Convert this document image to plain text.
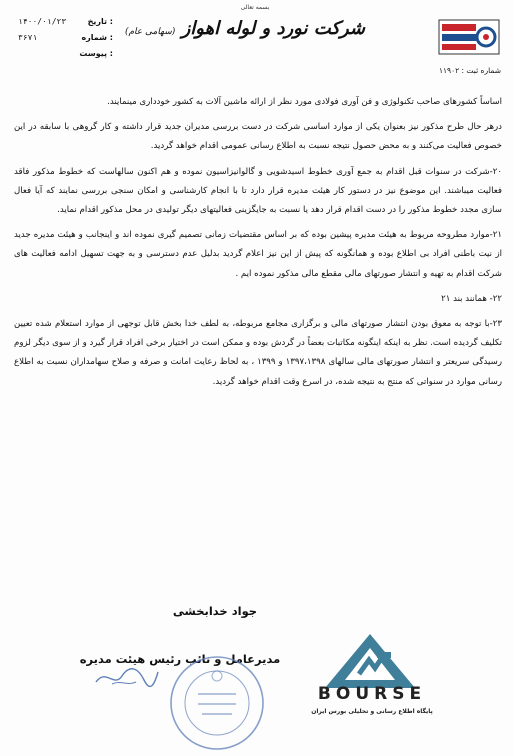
بسمه تعالی
تاریخ :
۱۴۰۰/۰۱/۲۳
شماره :
۳۶۷۱
پیوست :
شرکت نورد و لوله اهواز (سهامی عام)
شماره ثبت : ۱۱۹۰۲

اساساً کشورهای صاحب تکنولوژی و فن آوری فولادی مورد نظر از ارائه ماشین آلات به کشور خودداری مینمایند.

درهر حال طرح مذکور نیز بعنوان یکی از موارد اساسی شرکت در دست بررسی مدیران جدید قرار داشته و کار گروهی با سابقه در این خصوص فعالیت می‌کنند و به محض حصول نتیجه نسبت به اطلاع رسانی عمومی اقدام خواهد گردید.

۲۰-شرکت در سنوات قبل اقدام به جمع آوری خطوط اسیدشویی و گالوانیزاسیون نموده و هم اکنون سالهاست که خطوط مذکور فاقد فعالیت میباشند. این موضوع نیز در دستور کار هیئت مدیره قرار دارد تا با انجام کارشناسی و امکان سنجی بررسی نمایند که آیا فعال سازی مجدد خطوط مذکور را در دست اقدام قرار دهد یا نسبت به جایگزینی فعالیتهای دیگر تولیدی در محل مذکور اقدام نماید.

۲۱-موارد مطروحه مربوط به هیئت مدیره پیشین بوده که بر اساس مقتضیات زمانی تصمیم گیری نموده اند و اینجانب و هیئت مدیره جدید از نیت باطنی افراد بی اطلاع بوده و همانگونه که پیش از این نیز اعلام گردید بدلیل عدم دسترسی و به جهت تسهیل ادامه فعالیت های شرکت اقدام به تهیه و انتشار صورتهای مالی مقطع مالی مذکور نموده ایم .

۲۲- همانند بند ۲۱

۲۳-با توجه به معوق بودن انتشار صورتهای مالی و برگزاری مجامع مربوطه، به لطف خدا بخش قابل توجهی از موارد استعلام شده تعیین تکلیف گردیده است. نظر به اینکه اینگونه مکاتبات بعضاً در گردش بوده و ممکن است در اختیار برخی افراد قرار گیرد و از سوی دیگر لزوم رسیدگی سریعتر و انتشار صورتهای مالی سالهای ۱۳۹۷،۱۳۹۸ و ۱۳۹۹ ، به لحاظ رعایت امانت و صرفه و صلاح سهامداران نسبت به اطلاع رسانی موارد در سنواتی که منتج به نتیجه شده، در اسرع وقت اقدام خواهد گردید.

جواد خدابخشی
مدیرعامل و نائب رئیس هیئت مدیره
BOURSE
پایگاه اطلاع رسانی و تحلیلی بورس ایران
